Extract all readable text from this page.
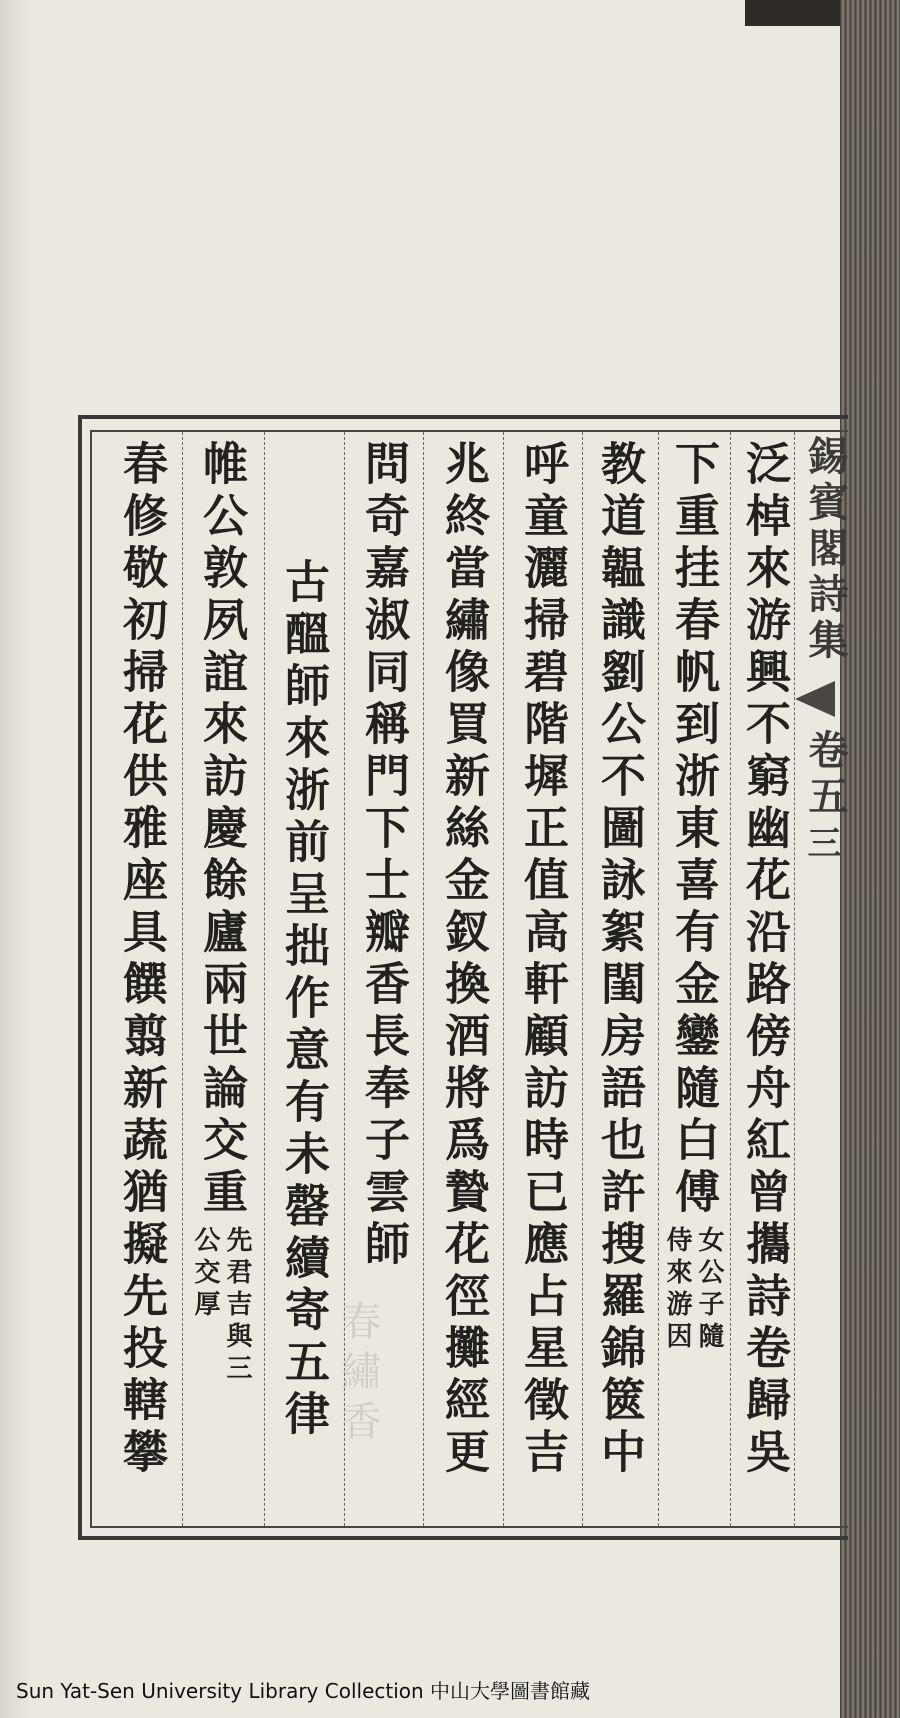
春繡香
錫賓閣詩集
卷五 三
泛棹來游興不窮幽花沿路傍舟紅曾攜詩卷歸吳
下重挂春帆到浙東喜有金鑾隨白傅
女公子隨
侍來游因
教道韞識劉公不圖詠絮閨房語也許搜羅錦篋中
呼童灑掃碧階墀正值高軒顧訪時已應占星徵吉
兆終當繡像買新絲金釵換酒將爲贄花徑攤經更
問奇嘉淑同稱門下士瓣香長奉子雲師
古醞師來浙前呈拙作意有未罄續寄五律
帷公敦夙誼來訪慶餘廬兩世論交重
先君吉與三
公交厚
春修敬初掃花供雅座具饌翦新蔬猶擬先投轄攀
Sun Yat-Sen University Library Collection 中山大學圖書館藏
